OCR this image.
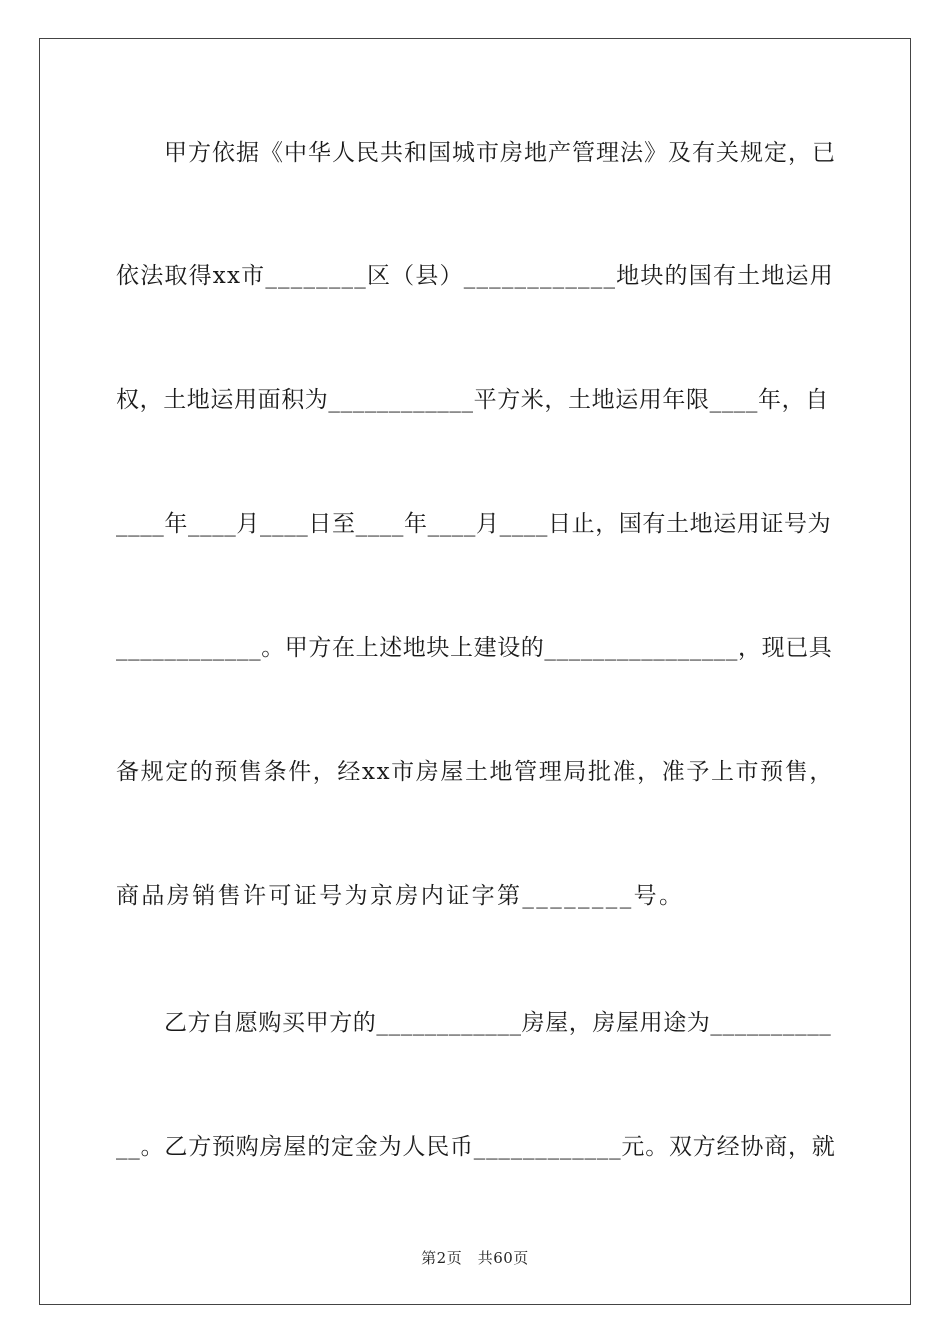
甲方依据《中华人民共和国城市房地产管理法》及有关规定，已
依法取得xx市________区（县）____________地块的国有土地运用
权，土地运用面积为____________平方米，土地运用年限____年，自
____年____月____日至____年____月____日止，国有土地运用证号为
____________。甲方在上述地块上建设的________________，现已具
备规定的预售条件，经xx市房屋土地管理局批准，准予上市预售，
商品房销售许可证号为京房内证字第________号。
乙方自愿购买甲方的____________房屋，房屋用途为__________
__。乙方预购房屋的定金为人民币____________元。双方经协商，就
第2页　共60页
